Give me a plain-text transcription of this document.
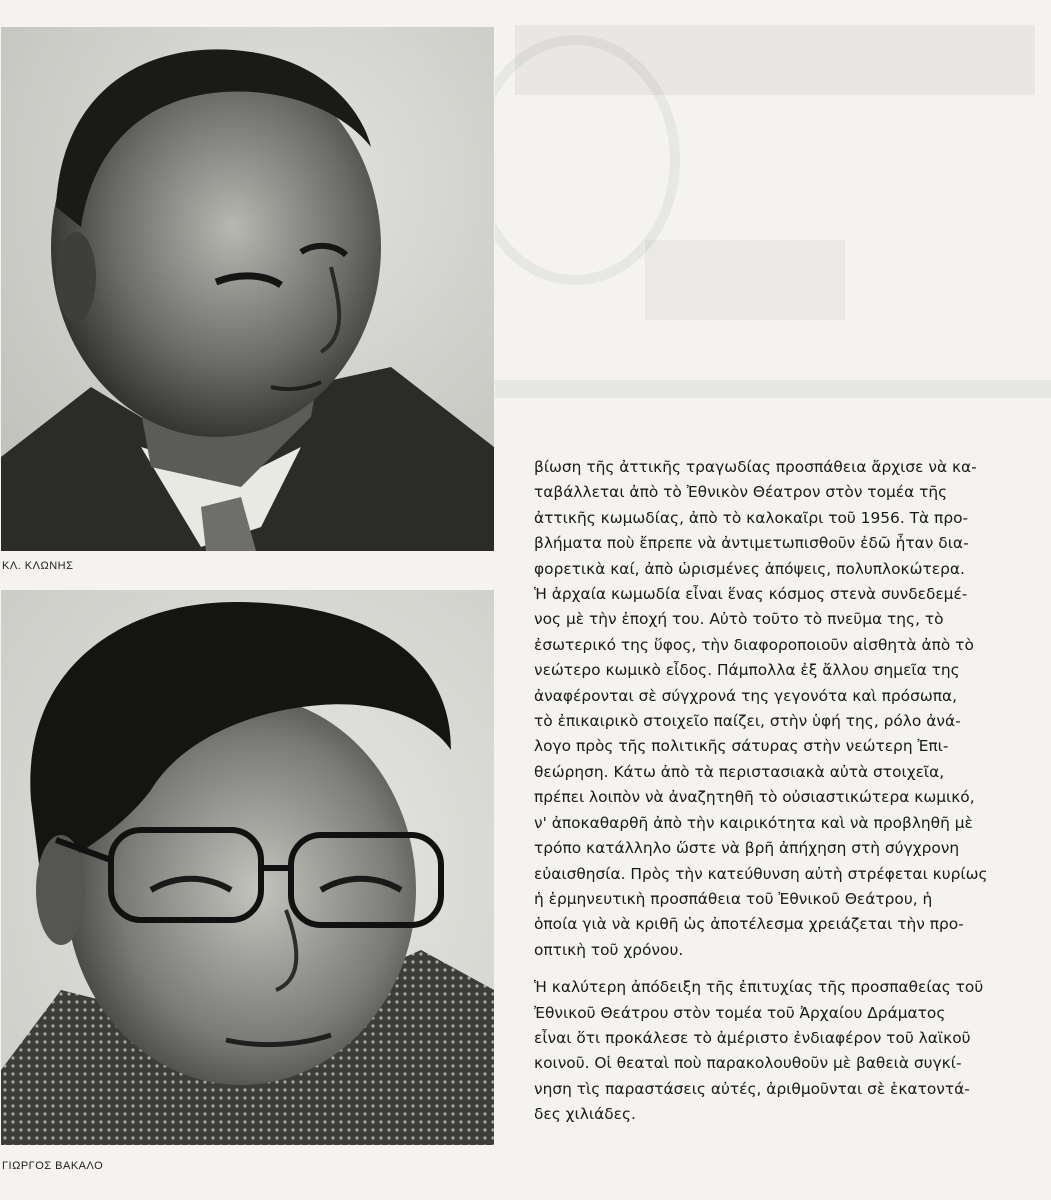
ΚΛ. ΚΛΩΝΗΣ
ΓΙΩΡΓΟΣ ΒΑΚΑΛΟ

βίωση τῆς ἀττικῆς τραγωδίας προσπάθεια ἄρχισε νὰ κα-
ταβάλλεται ἀπὸ τὸ Ἐθνικὸν Θέατρον στὸν τομέα τῆς
ἀττικῆς κωμωδίας, ἀπὸ τὸ καλοκαῖρι τοῦ 1956. Τὰ προ-
βλήματα ποὺ ἔπρεπε νὰ ἀντιμετωπισθοῦν ἐδῶ ἦταν δια-
φορετικὰ καί, ἀπὸ ὡρισμένες ἀπόψεις, πολυπλοκώτερα.
Ἡ ἀρχαία κωμωδία εἶναι ἕνας κόσμος στενὰ συνδεδεμέ-
νος μὲ τὴν ἐποχή του. Αὐτὸ τοῦτο τὸ πνεῦμα της, τὸ
ἐσωτερικό της ὕφος, τὴν διαφοροποιοῦν αἰσθητὰ ἀπὸ τὸ
νεώτερο κωμικὸ εἶδος. Πάμπολλα ἐξ ἄλλου σημεῖα της
ἀναφέρονται σὲ σύγχρονά της γεγονότα καὶ πρόσωπα,
τὸ ἐπικαιρικὸ στοιχεῖο παίζει, στὴν ὑφή της, ρόλο ἀνά-
λογο πρὸς τῆς πολιτικῆς σάτυρας στὴν νεώτερη Ἐπι-
θεώρηση. Κάτω ἀπὸ τὰ περιστασιακὰ αὐτὰ στοιχεῖα,
πρέπει λοιπὸν νὰ ἀναζητηθῆ τὸ οὐσιαστικώτερα κωμικό,
ν' ἀποκαθαρθῆ ἀπὸ τὴν καιρικότητα καὶ νὰ προβληθῆ μὲ
τρόπο κατάλληλο ὥστε νὰ βρῆ ἀπήχηση στὴ σύγχρονη
εὐαισθησία. Πρὸς τὴν κατεύθυνση αὐτὴ στρέφεται κυρίως
ἡ ἑρμηνευτικὴ προσπάθεια τοῦ Ἐθνικοῦ Θεάτρου, ἡ
ὁποία γιὰ νὰ κριθῆ ὡς ἀποτέλεσμα χρειάζεται τὴν προ-
οπτικὴ τοῦ χρόνου.

Ἡ καλύτερη ἀπόδειξη τῆς ἐπιτυχίας τῆς προσπαθείας τοῦ
Ἐθνικοῦ Θεάτρου στὸν τομέα τοῦ Ἀρχαίου Δράματος
εἶναι ὅτι προκάλεσε τὸ ἀμέριστο ἐνδιαφέρον τοῦ λαϊκοῦ
κοινοῦ. Οἱ θεαταὶ ποὺ παρακολουθοῦν μὲ βαθειὰ συγκί-
νηση τὶς παραστάσεις αὐτές, ἀριθμοῦνται σὲ ἑκατοντά-
δες χιλιάδες.
